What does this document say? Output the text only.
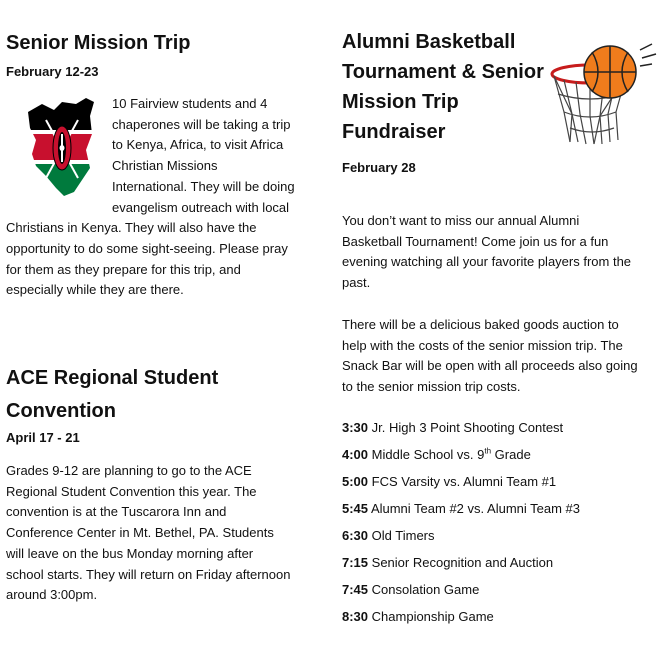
Senior Mission Trip
February 12-23

10 Fairview students and 4 chaperones will be taking a trip to Kenya, Africa, to visit Africa Christian Missions International. They will be doing evangelism outreach with local Christians in Kenya. They will also have the opportunity to do some sight-seeing. Please pray for them as they prepare for this trip, and especially while they are there.

ACE Regional Student Convention
April 17 - 21

Grades 9-12 are planning to go to the ACE Regional Student Convention this year. The convention is at the Tuscarora Inn and Conference Center in Mt. Bethel, PA. Students will leave on the bus Monday morning after school starts. They will return on Friday afternoon around 3:00pm.

Alumni Basketball Tournament & Senior Mission Trip Fundraiser
February 28

You don’t want to miss our annual Alumni Basketball Tournament! Come join us for a fun evening watching all your favorite players from the past.

There will be a delicious baked goods auction to help with the costs of the senior mission trip. The Snack Bar will be open with all proceeds also going to the senior mission trip costs.

3:30 Jr. High 3 Point Shooting Contest
4:00 Middle School vs. 9th Grade
5:00 FCS Varsity vs. Alumni Team #1
5:45 Alumni Team #2 vs. Alumni Team #3
6:30 Old Timers
7:15 Senior Recognition and Auction
7:45 Consolation Game
8:30 Championship Game
